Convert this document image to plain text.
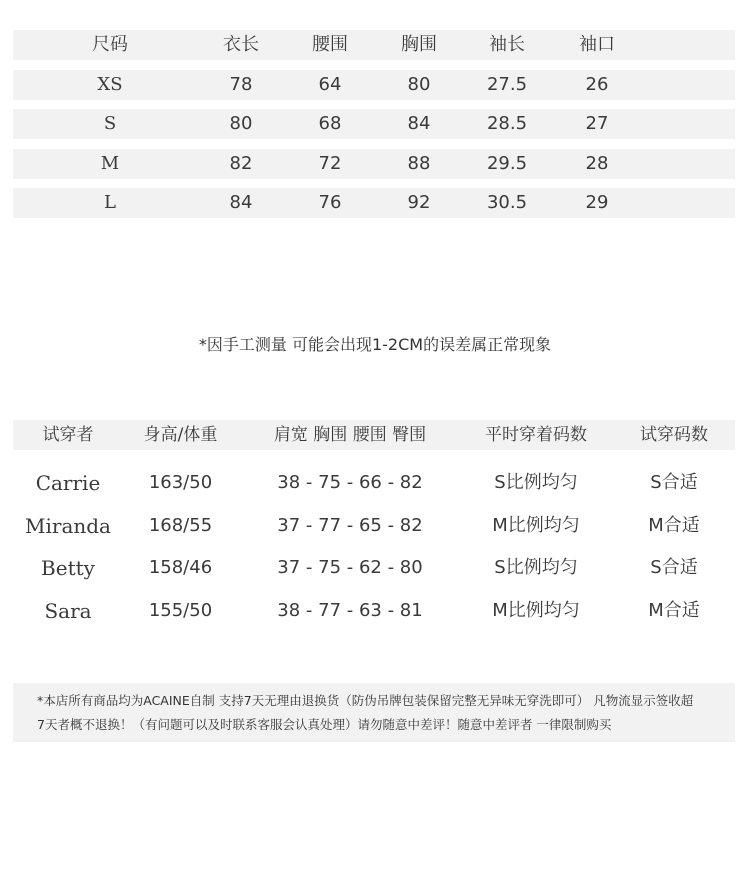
尺码	衣长	腰围	胸围	袖长	袖口
XS	78	64	80	27.5	26
S	80	68	84	28.5	27
M	82	72	88	29.5	28
L	84	76	92	30.5	29
*因手工测量 可能会出现1-2CM的误差属正常现象
试穿者	身高/体重	肩宽 胸围 腰围 臀围	平时穿着码数	试穿码数
Carrie	163/50	38 - 75 - 66 - 82	S比例均匀	S合适
Miranda	168/55	37 - 77 - 65 - 82	M比例均匀	M合适
Betty	158/46	37 - 75 - 62 - 80	S比例均匀	S合适
Sara	155/50	38 - 77 - 63 - 81	M比例均匀	M合适
*本店所有商品均为ACAINE自制 支持7天无理由退换货（防伪吊牌包装保留完整无异味无穿洗即可） 凡物流显示签收超
7天者概不退换！（有问题可以及时联系客服会认真处理）请勿随意中差评！随意中差评者 一律限制购买
